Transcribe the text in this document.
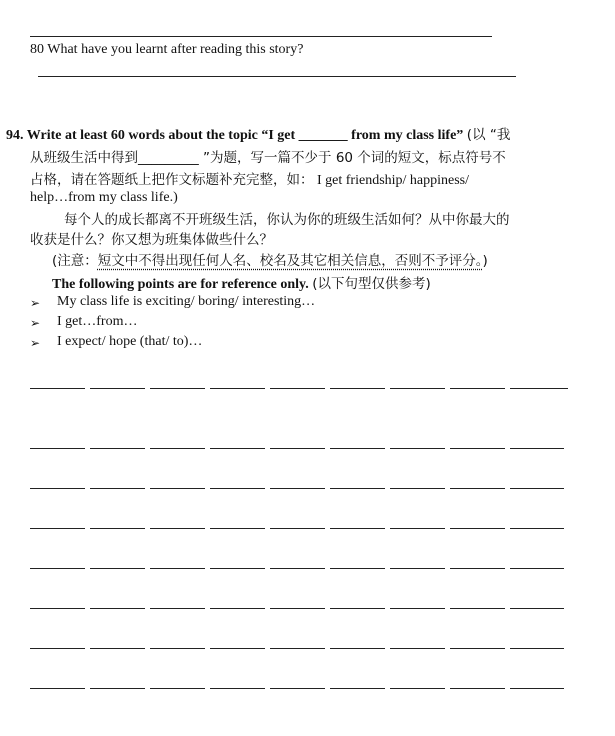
80 What have you learnt after reading this story?
94. Write at least 60 words about the topic “I get _______ from my class life” (以 “我
从班级生活中得到_________ ”为题，写一篇不少于 60 个词的短文，标点符号不
占格，请在答题纸上把作文标题补充完整，如： I get friendship/ happiness/
help…from my class life.)
每个人的成长都离不开班级生活，你认为你的班级生活如何？从中你最大的
收获是什么？你又想为班集体做些什么？
(注意：短文中不得出现任何人名、校名及其它相关信息，否则不予评分。)
The following points are for reference only. (以下句型仅供参考)
➢ My class life is exciting/ boring/ interesting…
➢ I get…from…
➢ I expect/ hope (that/ to)…
